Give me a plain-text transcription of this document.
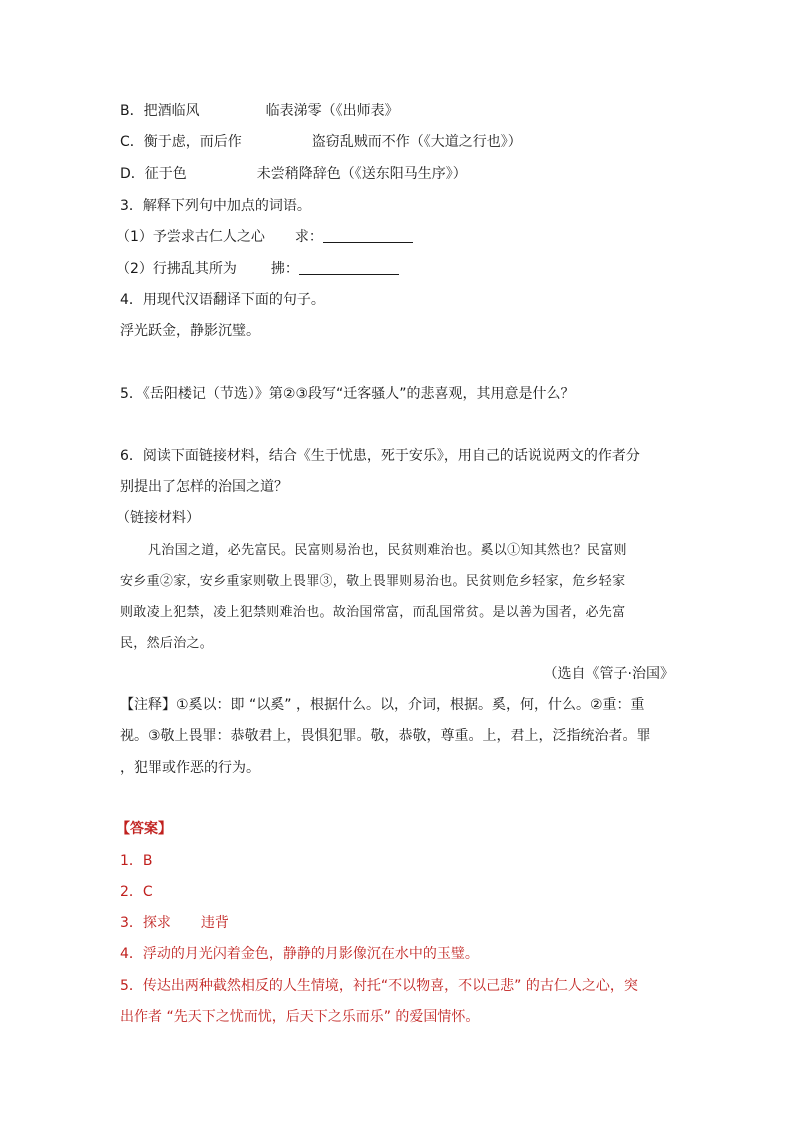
B．把酒临风	临表涕零（《出师表》
C．衡于虑，而后作	盗窃乱贼而不作（《大道之行也》）
D．征于色	未尝稍降辞色（《送东阳马生序》）
3．解释下列句中加点的词语。
（1）予尝求古仁人之心 求：
（2）行拂乱其所为 拂：
4．用现代汉语翻译下面的句子。
浮光跃金，静影沉璧。
5．《岳阳楼记（节选）》第②③段写“迁客骚人”的悲喜观，其用意是什么？
6．阅读下面链接材料，结合《生于忧患，死于安乐》，用自己的话说说两文的作者分
别提出了怎样的治国之道？
（链接材料）
凡治国之道，必先富民。民富则易治也，民贫则难治也。奚以①知其然也？民富则
安乡重②家，安乡重家则敬上畏罪③，敬上畏罪则易治也。民贫则危乡轻家，危乡轻家
则敢凌上犯禁，凌上犯禁则难治也。故治国常富，而乱国常贫。是以善为国者，必先富
民，然后治之。
（选自《管子·治国》
【注释】①奚以：即 “以奚” ，根据什么。以，介词，根据。奚，何，什么。②重：重
视。③敬上畏罪：恭敬君上，畏惧犯罪。敬，恭敬，尊重。上，君上，泛指统治者。罪
，犯罪或作恶的行为。
【答案】
1．B
2．C
3．探求 违背
4．浮动的月光闪着金色，静静的月影像沉在水中的玉璧。
5．传达出两种截然相反的人生情境，衬托“不以物喜，不以己悲” 的古仁人之心，突
出作者 “先天下之忧而忧，后天下之乐而乐” 的爱国情怀。
